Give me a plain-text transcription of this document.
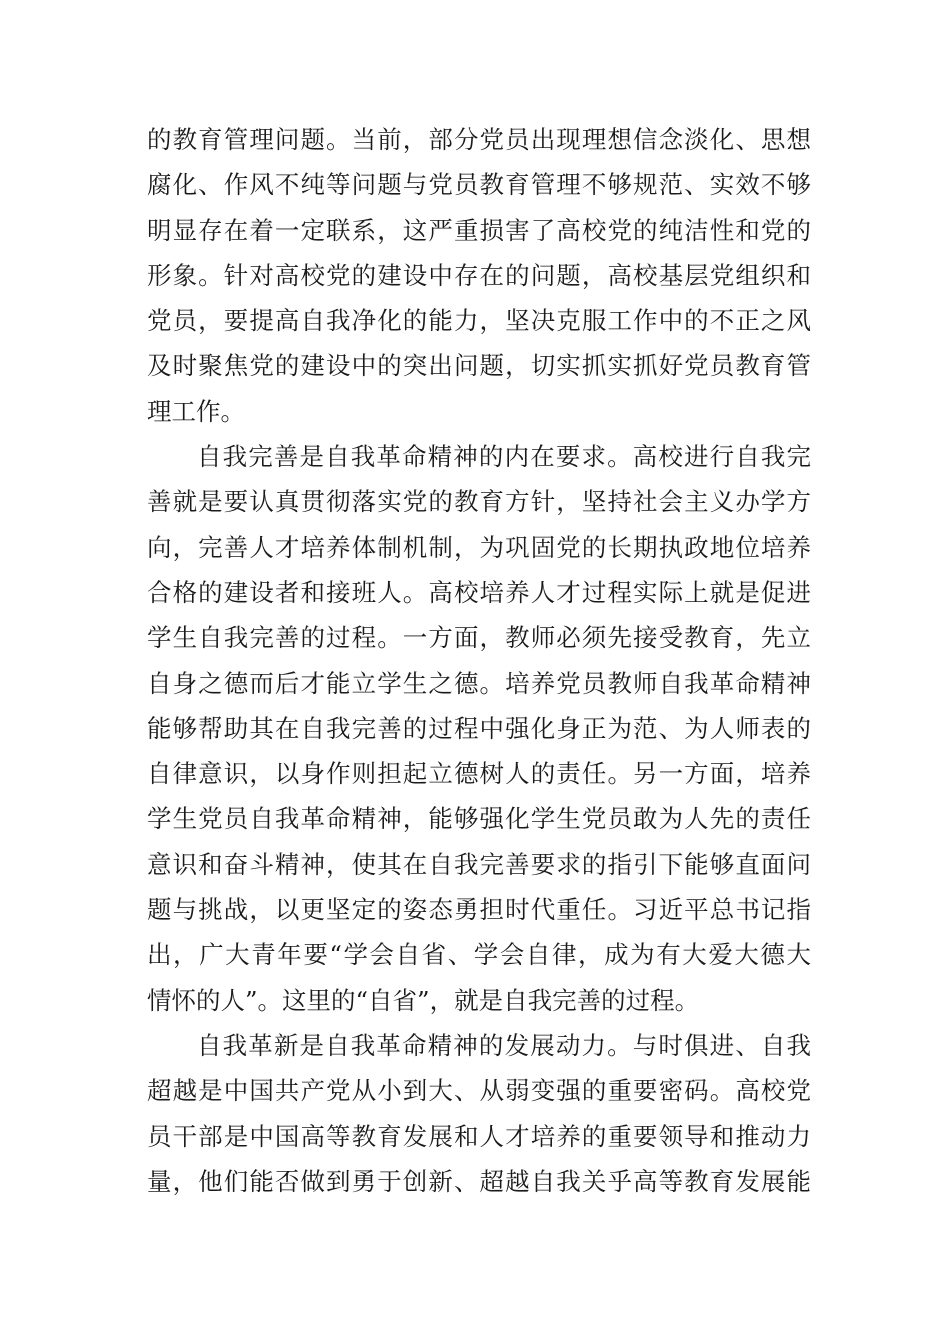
的教育管理问题。当前，部分党员出现理想信念淡化、思想
腐化、作风不纯等问题与党员教育管理不够规范、实效不够
明显存在着一定联系，这严重损害了高校党的纯洁性和党的
形象。针对高校党的建设中存在的问题，高校基层党组织和
党员，要提高自我净化的能力，坚决克服工作中的不正之风
及时聚焦党的建设中的突出问题，切实抓实抓好党员教育管
理工作。
自我完善是自我革命精神的内在要求。高校进行自我完
善就是要认真贯彻落实党的教育方针，坚持社会主义办学方
向，完善人才培养体制机制，为巩固党的长期执政地位培养
合格的建设者和接班人。高校培养人才过程实际上就是促进
学生自我完善的过程。一方面，教师必须先接受教育，先立
自身之德而后才能立学生之德。培养党员教师自我革命精神
能够帮助其在自我完善的过程中强化身正为范、为人师表的
自律意识，以身作则担起立德树人的责任。另一方面，培养
学生党员自我革命精神，能够强化学生党员敢为人先的责任
意识和奋斗精神，使其在自我完善要求的指引下能够直面问
题与挑战，以更坚定的姿态勇担时代重任。习近平总书记指
出，广大青年要“学会自省、学会自律，成为有大爱大德大
情怀的人”。这里的“自省”，就是自我完善的过程。
自我革新是自我革命精神的发展动力。与时俱进、自我
超越是中国共产党从小到大、从弱变强的重要密码。高校党
员干部是中国高等教育发展和人才培养的重要领导和推动力
量，他们能否做到勇于创新、超越自我关乎高等教育发展能
